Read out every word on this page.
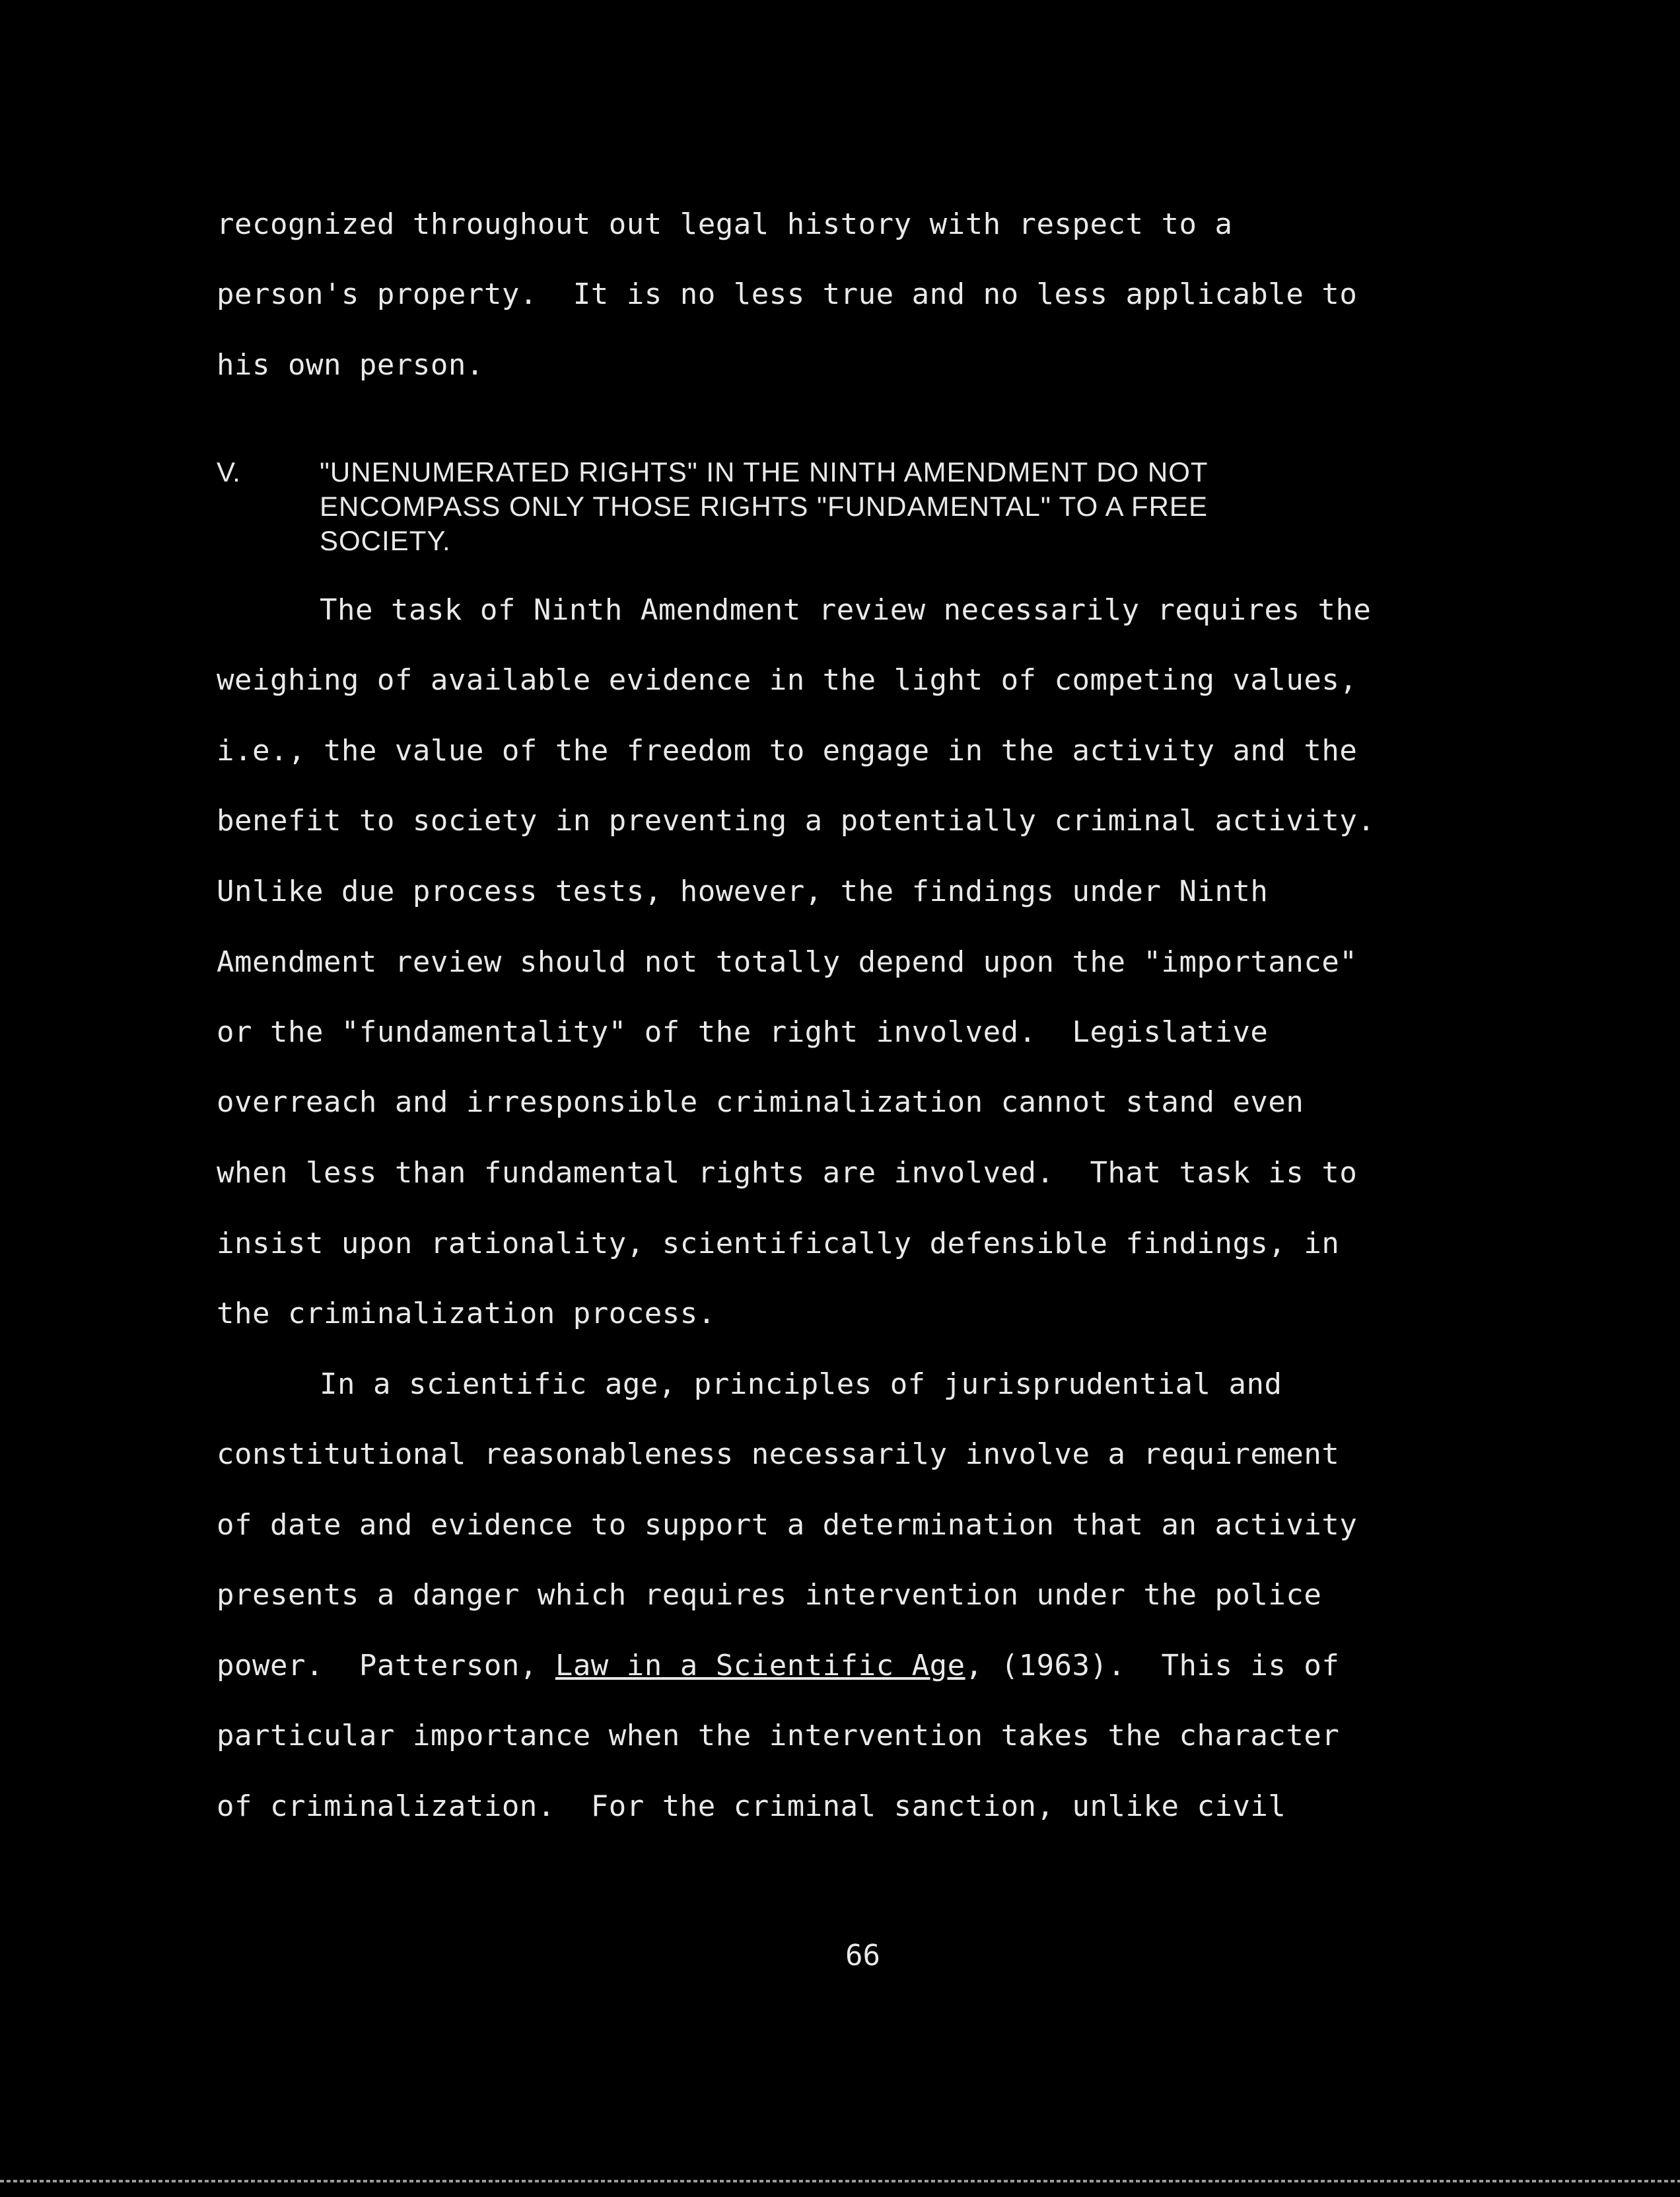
recognized throughout out legal history with respect to a
person's property.  It is no less true and no less applicable to
his own person.
V.	"UNENUMERATED RIGHTS" IN THE NINTH AMENDMENT DO NOT
ENCOMPASS ONLY THOSE RIGHTS "FUNDAMENTAL" TO A FREE
SOCIETY.
The task of Ninth Amendment review necessarily requires the
weighing of available evidence in the light of competing values,
i.e., the value of the freedom to engage in the activity and the
benefit to society in preventing a potentially criminal activity.
Unlike due process tests, however, the findings under Ninth
Amendment review should not totally depend upon the "importance"
or the "fundamentality" of the right involved.  Legislative
overreach and irresponsible criminalization cannot stand even
when less than fundamental rights are involved.  That task is to
insist upon rationality, scientifically defensible findings, in
the criminalization process.
In a scientific age, principles of jurisprudential and
constitutional reasonableness necessarily involve a requirement
of date and evidence to support a determination that an activity
presents a danger which requires intervention under the police
power.  Patterson, Law in a Scientific Age, (1963).  This is of
particular importance when the intervention takes the character
of criminalization.  For the criminal sanction, unlike civil
66
